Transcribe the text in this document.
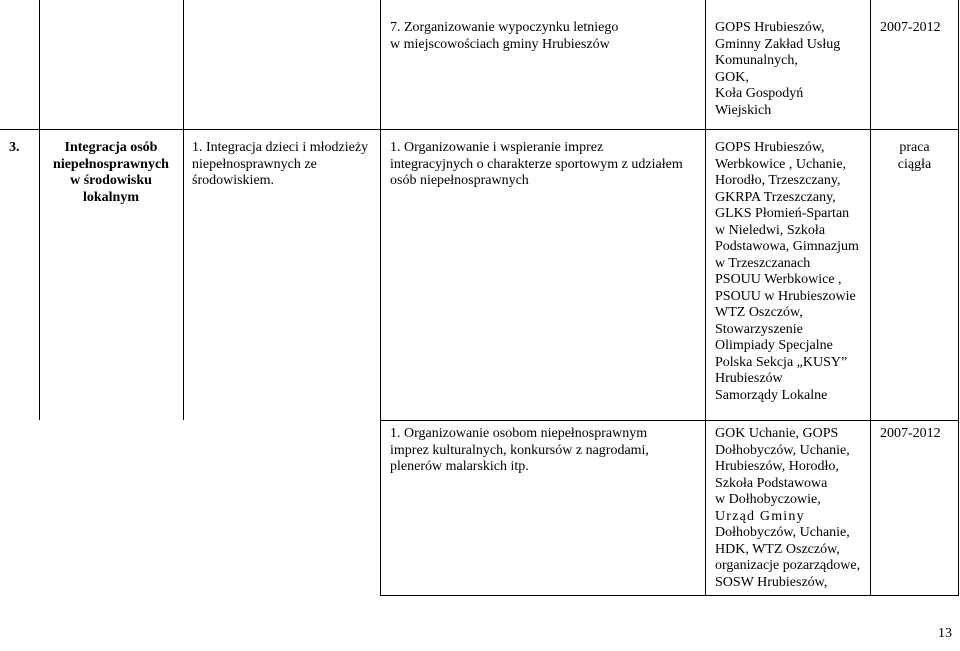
7. Zorganizowanie wypoczynku letniego
w miejscowościach gminy Hrubieszów
GOPS Hrubieszów,
Gminny Zakład Usług
Komunalnych,
GOK,
Koła Gospodyń
Wiejskich
2007-2012
3.	Integracja osób
niepełnosprawnych
w środowisku
lokalnym
1. Integracja dzieci i młodzieży
niepełnosprawnych ze
środowiskiem.
1. Organizowanie i wspieranie imprez
integracyjnych o charakterze sportowym z udziałem
osób niepełnosprawnych
GOPS Hrubieszów,
Werbkowice , Uchanie,
Horodło, Trzeszczany,
GKRPA Trzeszczany,
GLKS Płomień-Spartan
w Nieledwi, Szkoła
Podstawowa, Gimnazjum
w Trzeszczanach
PSOUU Werbkowice ,
PSOUU w Hrubieszowie
WTZ Oszczów,
Stowarzyszenie
Olimpiady Specjalne
Polska Sekcja „KUSY”
Hrubieszów
Samorządy Lokalne
praca
ciągła
1. Organizowanie osobom niepełnosprawnym
imprez kulturalnych, konkursów z nagrodami,
plenerów malarskich itp.
GOK Uchanie, GOPS
Dołhobyczów, Uchanie,
Hrubieszów, Horodło,
Szkoła Podstawowa
w Dołhobyczowie,
Urząd Gminy
Dołhobyczów, Uchanie,
HDK, WTZ Oszczów,
organizacje pozarządowe,
SOSW Hrubieszów,
2007-2012
13
